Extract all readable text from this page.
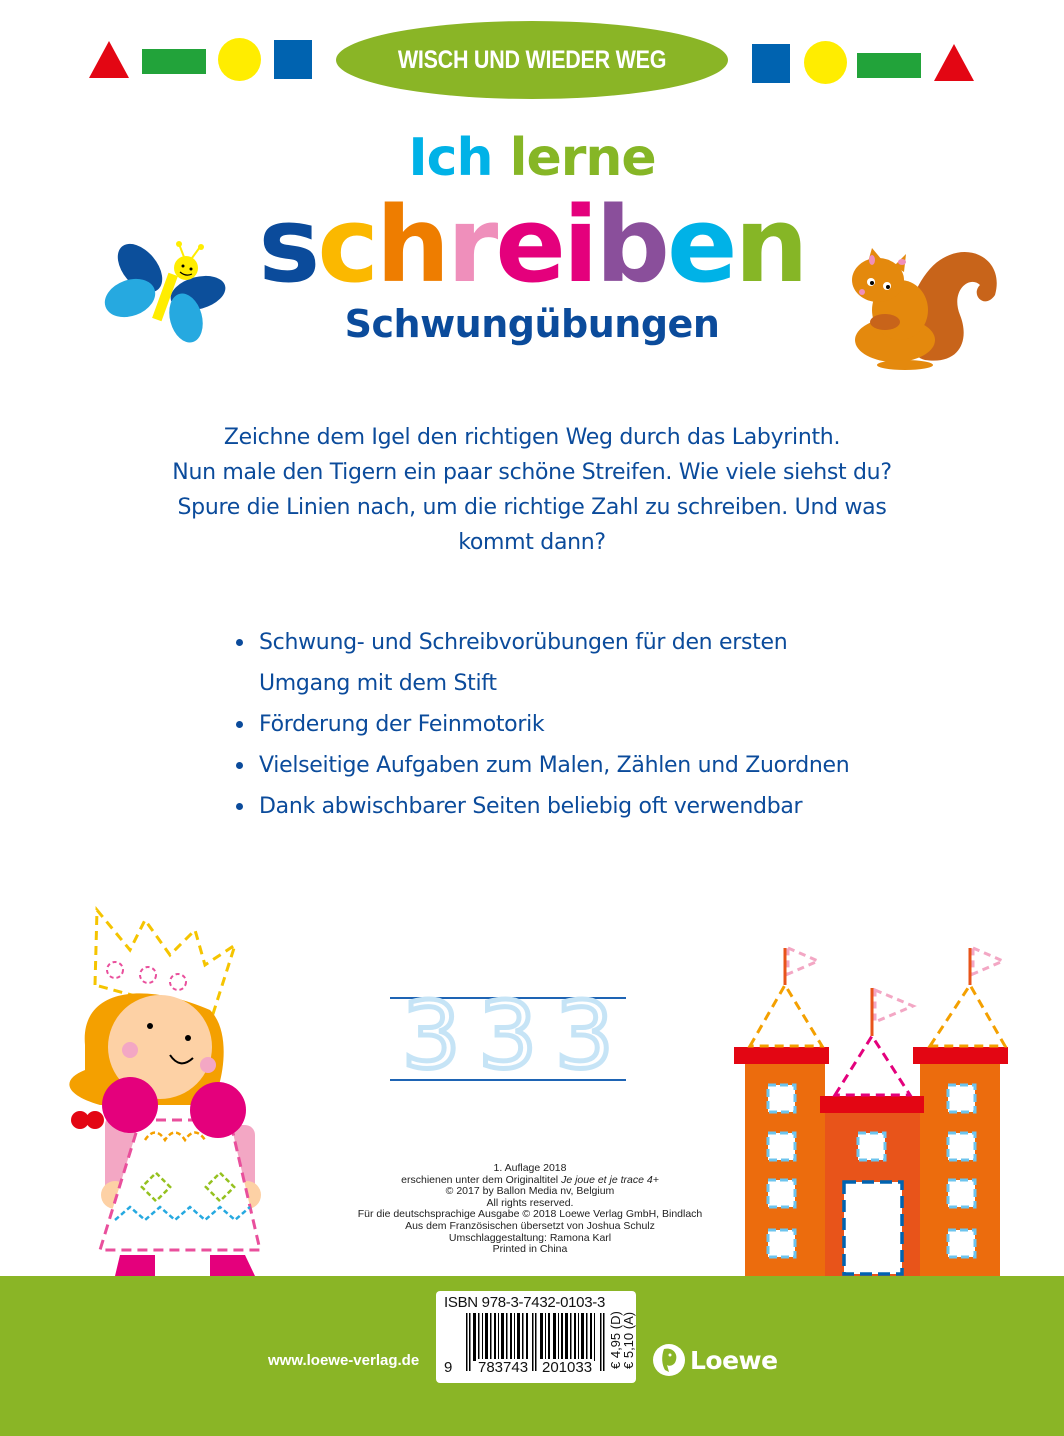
WISCH UND WIEDER WEG
Ich lerne
schreiben
Schwungübungen
Zeichne dem Igel den richtigen Weg durch das Labyrinth.
Nun male den Tigern ein paar schöne Streifen. Wie viele siehst du?
Spure die Linien nach, um die richtige Zahl zu schreiben. Und was
kommt dann?
Schwung- und Schreibvorübungen für den ersten
Umgang mit dem Stift
Förderung der Feinmotorik
Vielseitige Aufgaben zum Malen, Zählen und Zuordnen
Dank abwischbarer Seiten beliebig oft verwendbar
333
1. Auflage 2018
erschienen unter dem Originaltitel Je joue et je trace 4+
© 2017 by Ballon Media nv, Belgium
All rights reserved.
Für die deutschsprachige Ausgabe © 2018 Loewe Verlag GmbH, Bindlach
Aus dem Französischen übersetzt von Joshua Schulz
Umschlaggestaltung: Ramona Karl
Printed in China
www.loewe-verlag.de
ISBN 978-3-7432-0103-3
9 783743 201033 € 4,95 (D)
€ 5,10 (A) Loewe
